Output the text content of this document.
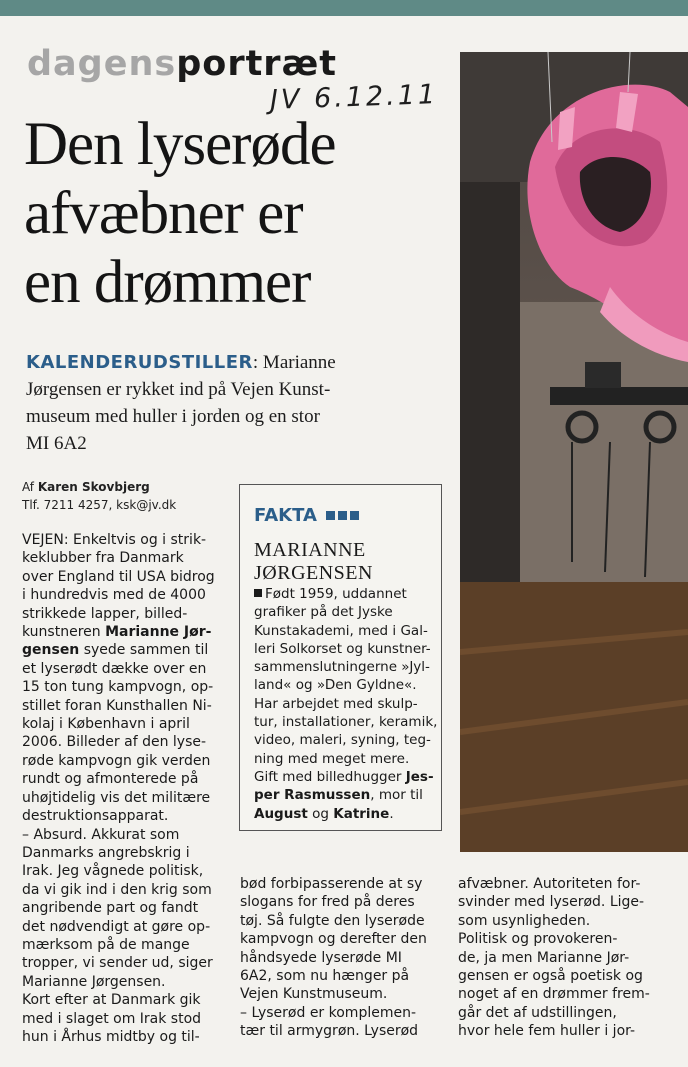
dagensportræt
JV 6.12.11
Den lyserøde
afvæbner er
en drømmer
KALENDERUDSTILLER: Marianne
Jørgensen er rykket ind på Vejen Kunst-
museum med huller i jorden og en stor
MI 6A2
Af Karen Skovbjerg
Tlf. 7211 4257, ksk@jv.dk

VEJEN: Enkeltvis og i strik-

keklubber fra Danmark

over England til USA bidrog

i hundredvis med de 4000

strikkede lapper, billed-

kunstneren Marianne Jør-

gensen syede sammen til

et lyserødt dække over en

15 ton tung kampvogn, op-

stillet foran Kunsthallen Ni-

kolaj i København i april

2006. Billeder af den lyse-

røde kampvogn gik verden

rundt og afmonterede på

uhøjtidelig vis det militære

destruktionsapparat.

– Absurd. Akkurat som

Danmarks angrebskrig i

Irak. Jeg vågnede politisk,

da vi gik ind i den krig som

angribende part og fandt

det nødvendigt at gøre op-

mærksom på de mange

tropper, vi sender ud, siger

Marianne Jørgensen.

Kort efter at Danmark gik

med i slaget om Irak stod

hun i Århus midtby og til-

FAKTA
MARIANNE
JØRGENSEN

Født 1959, uddannet

grafiker på det Jyske

Kunstakademi, med i Gal-

leri Solkorset og kunstner-

sammenslutningerne »Jyl-

land« og »Den Gyldne«.

Har arbejdet med skulp-

tur, installationer, keramik,

video, maleri, syning, teg-

ning med meget mere.

Gift med billedhugger Jes-

per Rasmussen, mor til

August og Katrine.

bød forbipasserende at sy

slogans for fred på deres

tøj. Så fulgte den lyserøde

kampvogn og derefter den

håndsyede lyserøde MI

6A2, som nu hænger på

Vejen Kunstmuseum.

– Lyserød er komplemen-

tær til armygrøn. Lyserød

afvæbner. Autoriteten for-

svinder med lyserød. Lige-

som usynligheden.

Politisk og provokeren-

de, ja men Marianne Jør-

gensen er også poetisk og

noget af en drømmer frem-

går det af udstillingen,

hvor hele fem huller i jor-
